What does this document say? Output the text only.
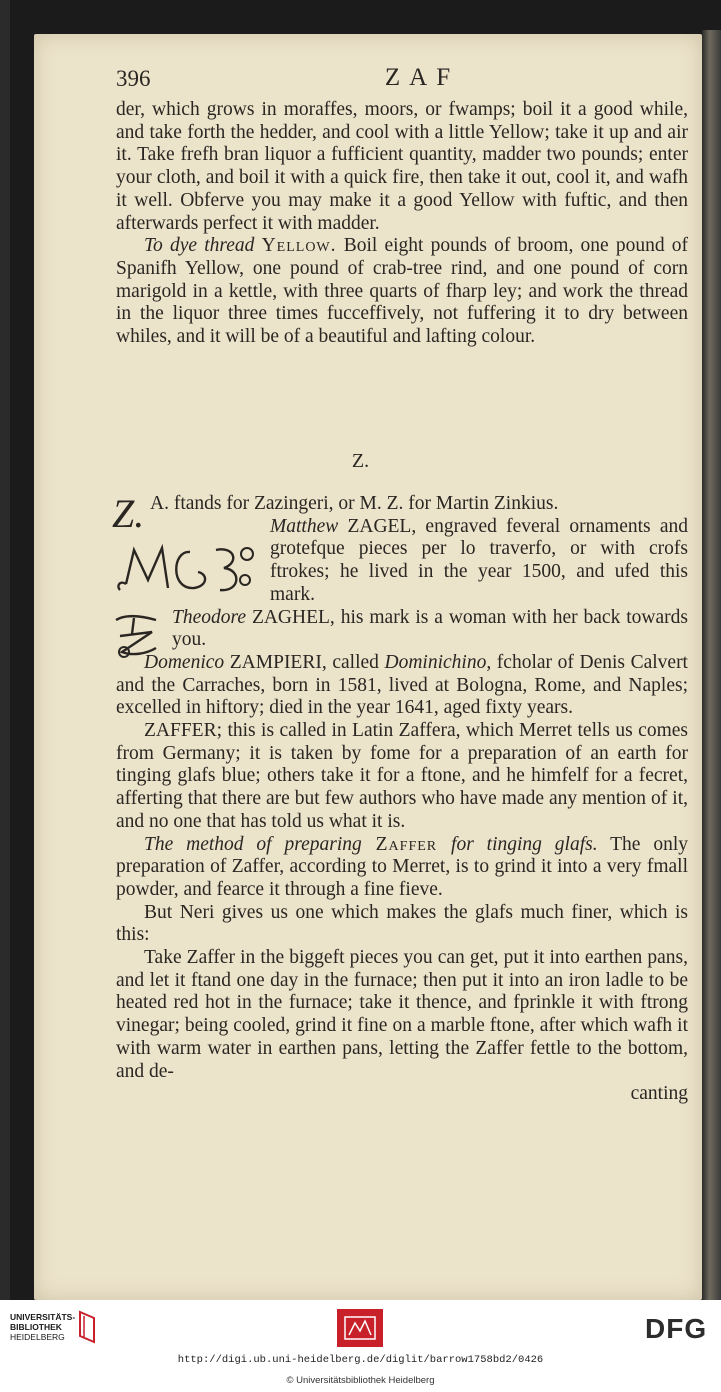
396	ZAF

der, which grows in moraffes, moors, or fwamps; boil it a good while, and take forth the hedder, and cool with a little Yellow; take it up and air it. Take frefh bran liquor a fufficient quantity, madder two pounds; enter your cloth, and boil it with a quick fire, then take it out, cool it, and wafh it well. Obferve you may make it a good Yellow with fuftic, and then afterwards perfect it with madder.

To dye thread Yellow. Boil eight pounds of broom, one pound of Spanifh Yellow, one pound of crab-tree rind, and one pound of corn marigold in a kettle, with three quarts of fharp ley; and work the thread in the liquor three times fucceffively, not fuffering it to dry between whiles, and it will be of a beautiful and lafting colour.

Z.

A. ftands for Zazingeri, or M. Z. for Martin Zinkius.

Matthew ZAGEL, engraved feveral ornaments and grotefque pieces per lo traverfo, or with crofs ftrokes; he lived in the year 1500, and ufed this mark.

Theodore ZAGHEL, his mark is a woman with her back towards you.

Domenico ZAMPIERI, called Dominichino, fcholar of Denis Calvert and the Carraches, born in 1581, lived at Bologna, Rome, and Naples; excelled in hiftory; died in the year 1641, aged fixty years.

ZAFFER; this is called in Latin Zaffera, which Merret tells us comes from Germany; it is taken by fome for a preparation of an earth for tinging glafs blue; others take it for a ftone, and he himfelf for a fecret, afferting that there are but few authors who have made any mention of it, and no one that has told us what it is.

The method of preparing Zaffer for tinging glafs. The only preparation of Zaffer, according to Merret, is to grind it into a very fmall powder, and fearce it through a fine fieve.

But Neri gives us one which makes the glafs much finer, which is this:

Take Zaffer in the biggeft pieces you can get, put it into earthen pans, and let it ftand one day in the furnace; then put it into an iron ladle to be heated red hot in the furnace; take it thence, and fprinkle it with ftrong vinegar; being cooled, grind it fine on a marble ftone, after which wafh it with warm water in earthen pans, letting the Zaffer fettle to the bottom, and de-

canting

Z.
UNIVERSITÄTS-
BIBLIOTHEK
HEIDELBERG	DFG
http://digi.ub.uni-heidelberg.de/diglit/barrow1758bd2/0426
© Universitätsbibliothek Heidelberg
